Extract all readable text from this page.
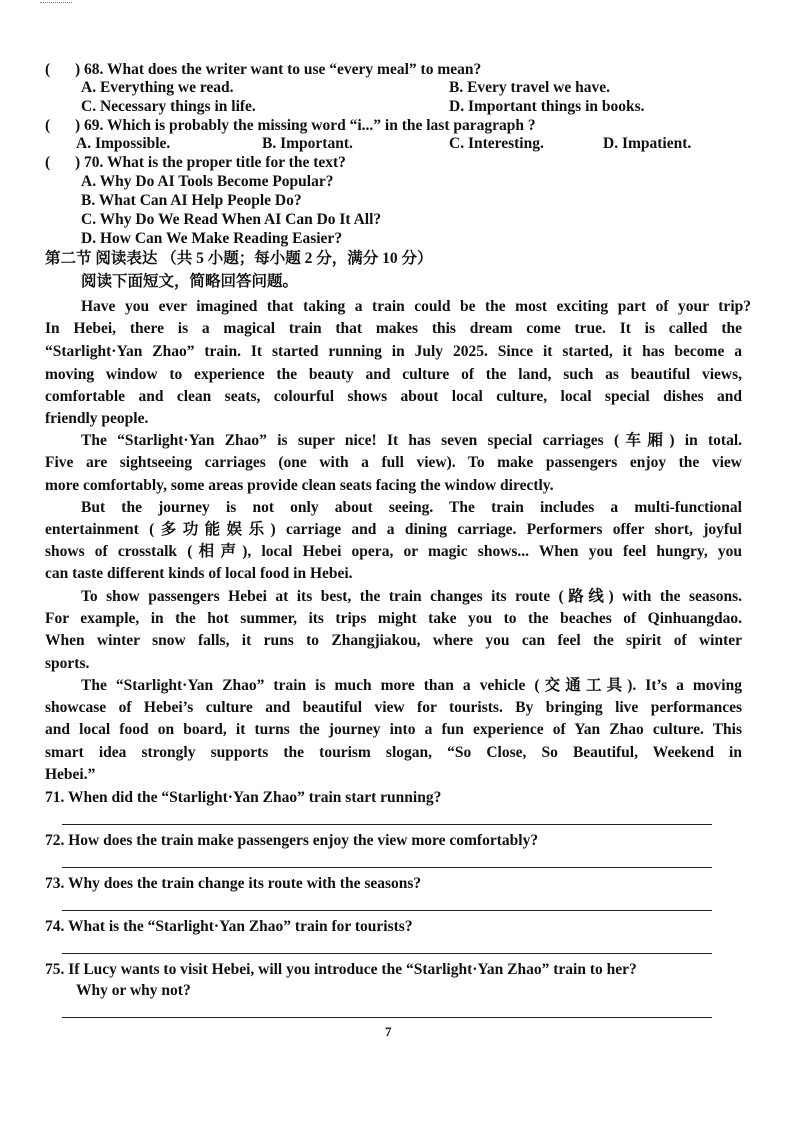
( ) 68. What does the writer want to use “every meal” to mean?
A. Everything we read.	B. Every travel we have.
C. Necessary things in life.	D. Important things in books.
( ) 69. Which is probably the missing word “i...” in the last paragraph ?
A. Impossible.	B. Important.	C. Interesting.	D. Impatient.
( ) 70. What is the proper title for the text?
A. Why Do AI Tools Become Popular?
B. What Can AI Help People Do?
C. Why Do We Read When AI Can Do It All?
D. How Can We Make Reading Easier?
第二节 阅读表达 （共 5 小题；每小题 2 分，满分 10 分）
阅读下面短文，简略回答问题。
Have you ever imagined that taking a train could be the most exciting part of your trip?
In Hebei, there is a magical train that makes this dream come true. It is called the
“Starlight·Yan Zhao” train. It started running in July 2025. Since it started, it has become a
moving window to experience the beauty and culture of the land, such as beautiful views,
comfortable and clean seats, colourful shows about local culture, local special dishes and
friendly people.
The “Starlight·Yan Zhao” is super nice! It has seven special carriages (车厢) in total.
Five are sightseeing carriages (one with a full view). To make passengers enjoy the view
more comfortably, some areas provide clean seats facing the window directly.
But the journey is not only about seeing. The train includes a multi-functional
entertainment (多功能娱乐) carriage and a dining carriage. Performers offer short, joyful
shows of crosstalk (相声), local Hebei opera, or magic shows... When you feel hungry, you
can taste different kinds of local food in Hebei.
To show passengers Hebei at its best, the train changes its route (路线) with the seasons.
For example, in the hot summer, its trips might take you to the beaches of Qinhuangdao.
When winter snow falls, it runs to Zhangjiakou, where you can feel the spirit of winter
sports.
The “Starlight·Yan Zhao” train is much more than a vehicle (交通工具). It’s a moving
showcase of Hebei’s culture and beautiful view for tourists. By bringing live performances
and local food on board, it turns the journey into a fun experience of Yan Zhao culture. This
smart idea strongly supports the tourism slogan, “So Close, So Beautiful, Weekend in
Hebei.”
71. When did the “Starlight·Yan Zhao” train start running?
72. How does the train make passengers enjoy the view more comfortably?
73. Why does the train change its route with the seasons?
74. What is the “Starlight·Yan Zhao” train for tourists?
75. If Lucy wants to visit Hebei, will you introduce the “Starlight·Yan Zhao” train to her?
Why or why not?
7
